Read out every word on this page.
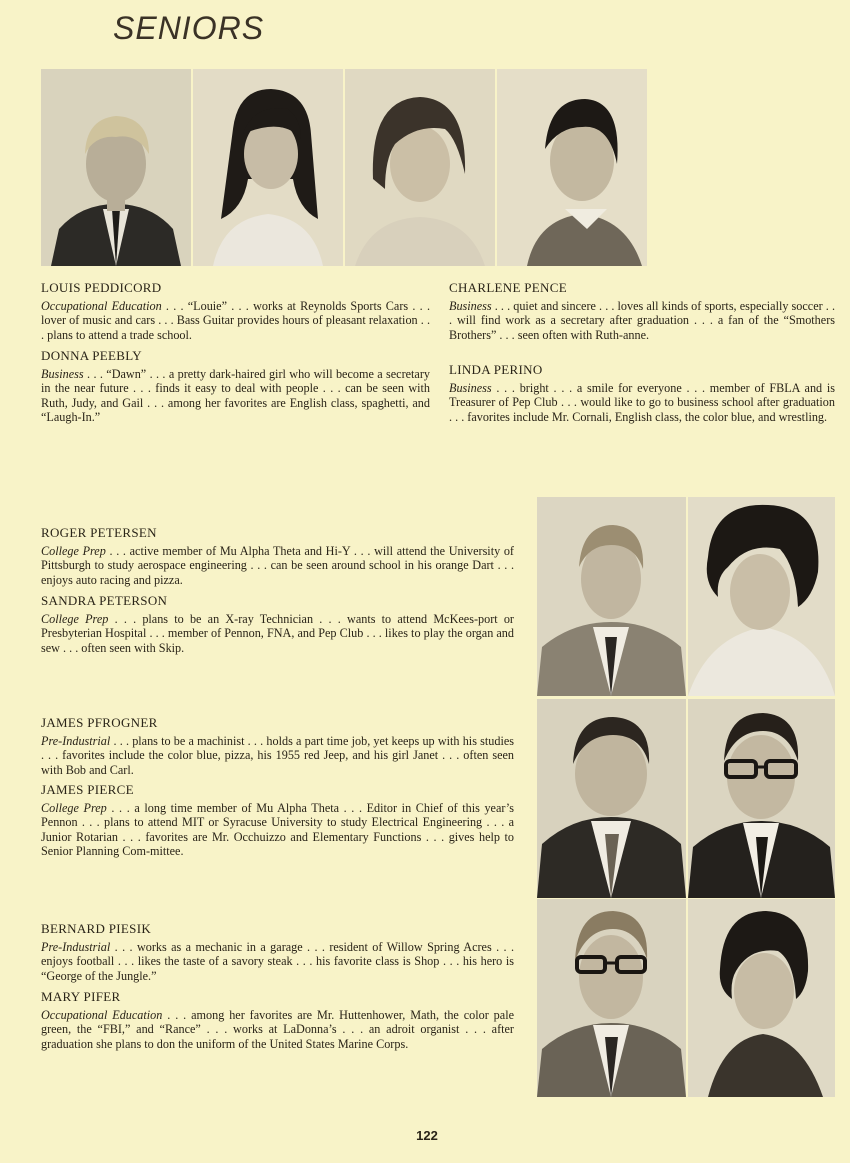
SENIORS
LOUIS PEDDICORD
Occupational Education . . . “Louie” . . . works at Reynolds Sports Cars . . . lover of music and cars . . . Bass Guitar provides hours of pleasant relaxation . . . plans to attend a trade school.
DONNA PEEBLY
Business . . . “Dawn” . . . a pretty dark-haired girl who will become a secretary in the near future . . . finds it easy to deal with people . . . can be seen with Ruth, Judy, and Gail . . . among her favorites are English class, spaghetti, and “Laugh-In.”
CHARLENE PENCE
Business . . . quiet and sincere . . . loves all kinds of sports, especially soccer . . . will find work as a secretary after graduation . . . a fan of the “Smothers Brothers” . . . seen often with Ruth-anne.
LINDA PERINO
Business . . . bright . . . a smile for everyone . . . member of FBLA and is Treasurer of Pep Club . . . would like to go to business school after graduation . . . favorites include Mr. Cornali, English class, the color blue, and wrestling.
ROGER PETERSEN
College Prep . . . active member of Mu Alpha Theta and Hi-Y . . . will attend the University of Pittsburgh to study aerospace engineering . . . can be seen around school in his orange Dart . . . enjoys auto racing and pizza.
SANDRA PETERSON
College Prep . . . plans to be an X-ray Technician . . . wants to attend McKees-port or Presbyterian Hospital . . . member of Pennon, FNA, and Pep Club . . . likes to play the organ and sew . . . often seen with Skip.
JAMES PFROGNER
Pre-Industrial . . . plans to be a machinist . . . holds a part time job, yet keeps up with his studies . . . favorites include the color blue, pizza, his 1955 red Jeep, and his girl Janet . . . often seen with Bob and Carl.
JAMES PIERCE
College Prep . . . a long time member of Mu Alpha Theta . . . Editor in Chief of this year’s Pennon . . . plans to attend MIT or Syracuse University to study Electrical Engineering . . . a Junior Rotarian . . . favorites are Mr. Occhuizzo and Elementary Functions . . . gives help to Senior Planning Com-mittee.
BERNARD PIESIK
Pre-Industrial . . . works as a mechanic in a garage . . . resident of Willow Spring Acres . . . enjoys football . . . likes the taste of a savory steak . . . his favorite class is Shop . . . his hero is “George of the Jungle.”
MARY PIFER
Occupational Education . . . among her favorites are Mr. Huttenhower, Math, the color pale green, the “FBI,” and “Rance” . . . works at LaDonna’s . . . an adroit organist . . . after graduation she plans to don the uniform of the United States Marine Corps.
122
